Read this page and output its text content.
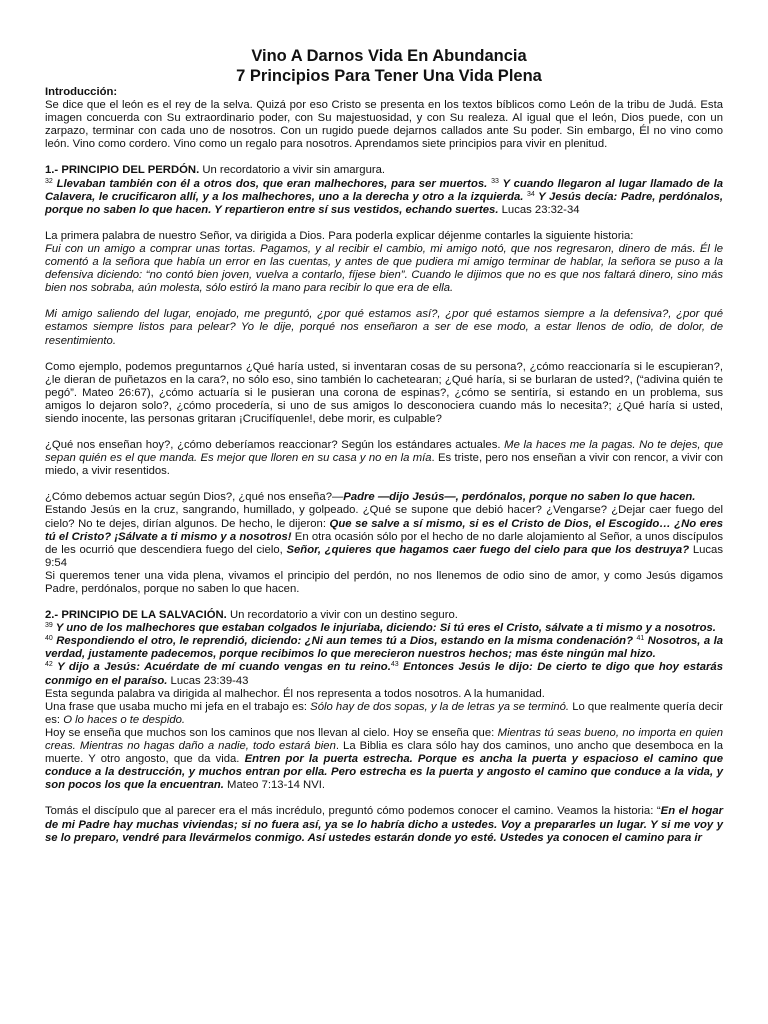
Vino A Darnos Vida En Abundancia
7 Principios Para Tener Una Vida Plena

Introducción:

Se dice que el león es el rey de la selva. Quizá por eso Cristo se presenta en los textos bíblicos como León de la tribu de Judá. Esta imagen concuerda con Su extraordinario poder, con Su majestuosidad, y con Su realeza. Al igual que el león, Dios puede, con un zarpazo, terminar con cada uno de nosotros. Con un rugido puede dejarnos callados ante Su poder. Sin embargo, Él no vino como león. Vino como cordero. Vino como un regalo para nosotros. Aprendamos siete principios para vivir en plenitud.

1.- PRINCIPIO DEL PERDÓN. Un recordatorio a vivir sin amargura.
$^{32}$ Llevaban también con él a otros dos, que eran malhechores, para ser muertos. $^{33}$ Y cuando llegaron al lugar llamado de la Calavera, le crucificaron allí, y a los malhechores, uno a la derecha y otro a la izquierda. $^{34}$ Y Jesús decía: Padre, perdónalos, porque no saben lo que hacen. Y repartieron entre sí sus vestidos, echando suertes. Lucas 23:32-34

La primera palabra de nuestro Señor, va dirigida a Dios. Para poderla explicar déjenme contarles la siguiente historia:
Fui con un amigo a comprar unas tortas. Pagamos, y al recibir el cambio, mi amigo notó, que nos regresaron, dinero de más. Él le comentó a la señora que había un error en las cuentas, y antes de que pudiera mi amigo terminar de hablar, la señora se puso a la defensiva diciendo: “no contó bien joven, vuelva a contarlo, fíjese bien”. Cuando le dijimos que no es que nos faltará dinero, sino más bien nos sobraba, aún molesta, sólo estiró la mano para recibir lo que era de ella.

Mi amigo saliendo del lugar, enojado, me preguntó, ¿por qué estamos así?, ¿por qué estamos siempre a la defensiva?, ¿por qué estamos siempre listos para pelear? Yo le dije, porqué nos enseñaron a ser de ese modo, a estar llenos de odio, de dolor, de resentimiento.

Como ejemplo, podemos preguntarnos ¿Qué haría usted, si inventaran cosas de su persona?, ¿cómo reaccionaría si le escupieran?, ¿le dieran de puñetazos en la cara?, no sólo eso, sino también lo cachetearan; ¿Qué haría, si se burlaran de usted?, (“adivina quién te pegó”. Mateo 26:67), ¿cómo actuaría si le pusieran una corona de espinas?, ¿cómo se sentiría, si estando en un problema, sus amigos lo dejaron solo?, ¿cómo procedería, si uno de sus amigos lo desconociera cuando más lo necesita?; ¿Qué haría si usted, siendo inocente, las personas gritaran ¡Crucifíquenle!, debe morir, es culpable?

¿Qué nos enseñan hoy?, ¿cómo deberíamos reaccionar? Según los estándares actuales. Me la haces me la pagas. No te dejes, que sepan quién es el que manda. Es mejor que lloren en su casa y no en la mía. Es triste, pero nos enseñan a vivir con rencor, a vivir con miedo, a vivir resentidos.

¿Cómo debemos actuar según Dios?, ¿qué nos enseña?—Padre —dijo Jesús—, perdónalos, porque no saben lo que hacen.
Estando Jesús en la cruz, sangrando, humillado, y golpeado. ¿Qué se supone que debió hacer? ¿Vengarse? ¿Dejar caer fuego del cielo? No te dejes, dirían algunos. De hecho, le dijeron: Que se salve a sí mismo, si es el Cristo de Dios, el Escogido… ¿No eres tú el Cristo? ¡Sálvate a ti mismo y a nosotros! En otra ocasión sólo por el hecho de no darle alojamiento al Señor, a unos discípulos de les ocurrió que descendiera fuego del cielo, Señor, ¿quieres que hagamos caer fuego del cielo para que los destruya? Lucas 9:54
Si queremos tener una vida plena, vivamos el principio del perdón, no nos llenemos de odio sino de amor, y como Jesús digamos Padre, perdónalos, porque no saben lo que hacen.

2.- PRINCIPIO DE LA SALVACIÓN. Un recordatorio a vivir con un destino seguro.
$^{39}$ Y uno de los malhechores que estaban colgados le injuriaba, diciendo: Si tú eres el Cristo, sálvate a ti mismo y a nosotros.
$^{40}$ Respondiendo el otro, le reprendió, diciendo: ¿Ni aun temes tú a Dios, estando en la misma condenación? $^{41}$ Nosotros, a la verdad, justamente padecemos, porque recibimos lo que merecieron nuestros hechos; mas éste ningún mal hizo.
$^{42}$ Y dijo a Jesús: Acuérdate de mí cuando vengas en tu reino.$^{43}$ Entonces Jesús le dijo: De cierto te digo que hoy estarás conmigo en el paraíso. Lucas 23:39-43
Esta segunda palabra va dirigida al malhechor. Él nos representa a todos nosotros. A la humanidad.
Una frase que usaba mucho mi jefa en el trabajo es: Sólo hay de dos sopas, y la de letras ya se terminó. Lo que realmente quería decir es: O lo haces o te despido.
Hoy se enseña que muchos son los caminos que nos llevan al cielo. Hoy se enseña que: Mientras tú seas bueno, no importa en quien creas. Mientras no hagas daño a nadie, todo estará bien. La Biblia es clara sólo hay dos caminos, uno ancho que desemboca en la muerte. Y otro angosto, que da vida. Entren por la puerta estrecha. Porque es ancha la puerta y espacioso el camino que conduce a la destrucción, y muchos entran por ella. Pero estrecha es la puerta y angosto el camino que conduce a la vida, y son pocos los que la encuentran. Mateo 7:13-14 NVI.

Tomás el discípulo que al parecer era el más incrédulo, preguntó cómo podemos conocer el camino. Veamos la historia: “En el hogar de mi Padre hay muchas viviendas; si no fuera así, ya se lo habría dicho a ustedes. Voy a prepararles un lugar. Y si me voy y se lo preparo, vendré para llevármelos conmigo. Así ustedes estarán donde yo esté. Ustedes ya conocen el camino para ir
